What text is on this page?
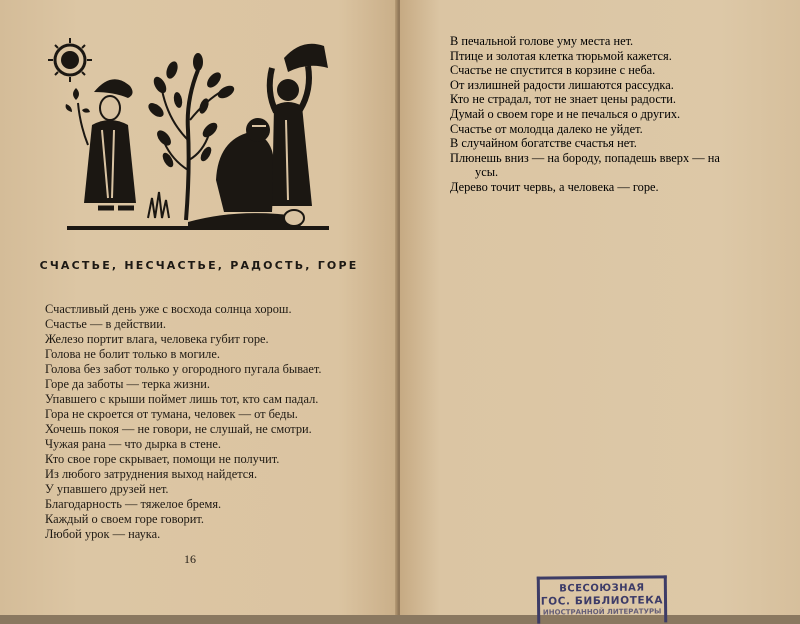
СЧАСТЬЕ, НЕСЧАСТЬЕ, РАДОСТЬ, ГОРЕ
Счастливый день уже с восхода солнца хорош.
Счастье — в действии.
Железо портит влага, человека губит горе.
Голова не болит только в могиле.
Голова без забот только у огородного пугала бывает.
Горе да заботы — терка жизни.
Упавшего с крыши поймет лишь тот, кто сам падал.
Гора не скроется от тумана, человек — от беды.
Хочешь покоя — не говори, не слушай, не смотри.
Чужая рана — что дырка в стене.
Кто свое горе скрывает, помощи не получит.
Из любого затруднения выход найдется.
У упавшего друзей нет.
Благодарность — тяжелое бремя.
Каждый о своем горе говорит.
Любой урок — наука.
16
В печальной голове уму места нет.
Птице и золотая клетка тюрьмой кажется.
Счастье не спустится в корзине с неба.
От излишней радости лишаются рассудка.
Кто не страдал, тот не знает цены радости.
Думай о своем горе и не печалься о других.
Счастье от молодца далеко не уйдет.
В случайном богатстве счастья нет.
Плюнешь вниз — на бороду, попадешь вверх — на
усы.
Дерево точит червь, а человека — горе.
ВСЕСОЮЗНАЯ
ГОС. БИБЛИОТЕКА
ИНОСТРАННОЙ ЛИТЕРАТУРЫ
